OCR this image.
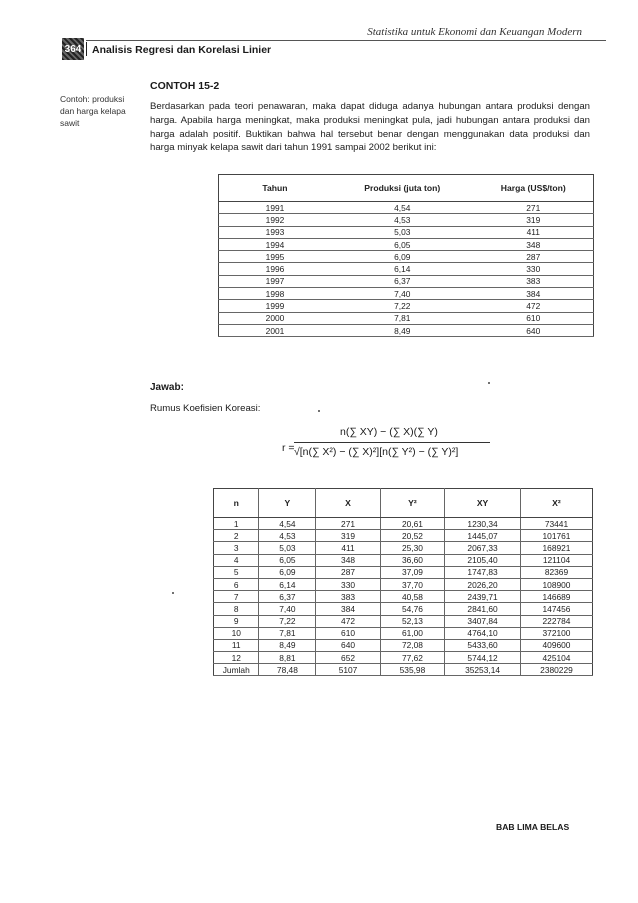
Statistika untuk Ekonomi dan Keuangan Modern
364 Analisis Regresi dan Korelasi Linier
Contoh: produksi dan harga kelapa sawit
CONTOH 15-2
Berdasarkan pada teori penawaran, maka dapat diduga adanya hubungan antara produksi dengan harga. Apabila harga meningkat, maka produksi meningkat pula, jadi hubungan antara produksi dan harga adalah positif. Buktikan bahwa hal tersebut benar dengan menggunakan data produksi dan harga minyak kelapa sawit dari tahun 1991 sampai 2002 berikut ini:
Tahun	Produksi (juta ton)	Harga (US$/ton)
1991	4,54	271
1992	4,53	319
1993	5,03	411
1994	6,05	348
1995	6,09	287
1996	6,14	330
1997	6,37	383
1998	7,40	384
1999	7,22	472
2000	7,81	610
2001	8,49	640
Jawab:
Rumus Koefisien Koreasi:
r =
n(∑ XY) − (∑ X)(∑ Y)
√[n(∑ X²) − (∑ X)²][n(∑ Y²) − (∑ Y)²]
n	Y	X	Y²	XY	X²
1	4,54	271	20,61	1230,34	73441
2	4,53	319	20,52	1445,07	101761
3	5,03	411	25,30	2067,33	168921
4	6,05	348	36,60	2105,40	121104
5	6,09	287	37,09	1747,83	82369
6	6,14	330	37,70	2026,20	108900
7	6,37	383	40,58	2439,71	146689
8	7,40	384	54,76	2841,60	147456
9	7,22	472	52,13	3407,84	222784
10	7,81	610	61,00	4764,10	372100
11	8,49	640	72,08	5433,60	409600
12	8,81	652	77,62	5744,12	425104
Jumlah	78,48	5107	535,98	35253,14	2380229
BAB LIMA BELAS
